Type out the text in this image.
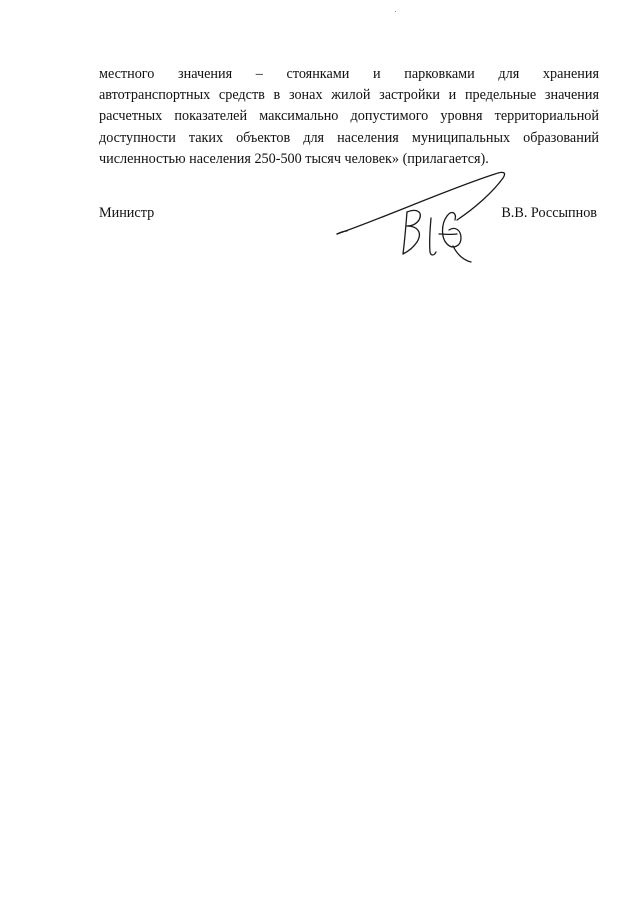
местного значения – стоянками и парковками для хранения
автотранспортных средств в зонах жилой застройки и предельные значения
расчетных показателей максимально допустимого уровня территориальной
доступности таких объектов для населения муниципальных образований
численностью населения 250-500 тысяч человек» (прилагается).

Министр	В.В. Россыпнов
